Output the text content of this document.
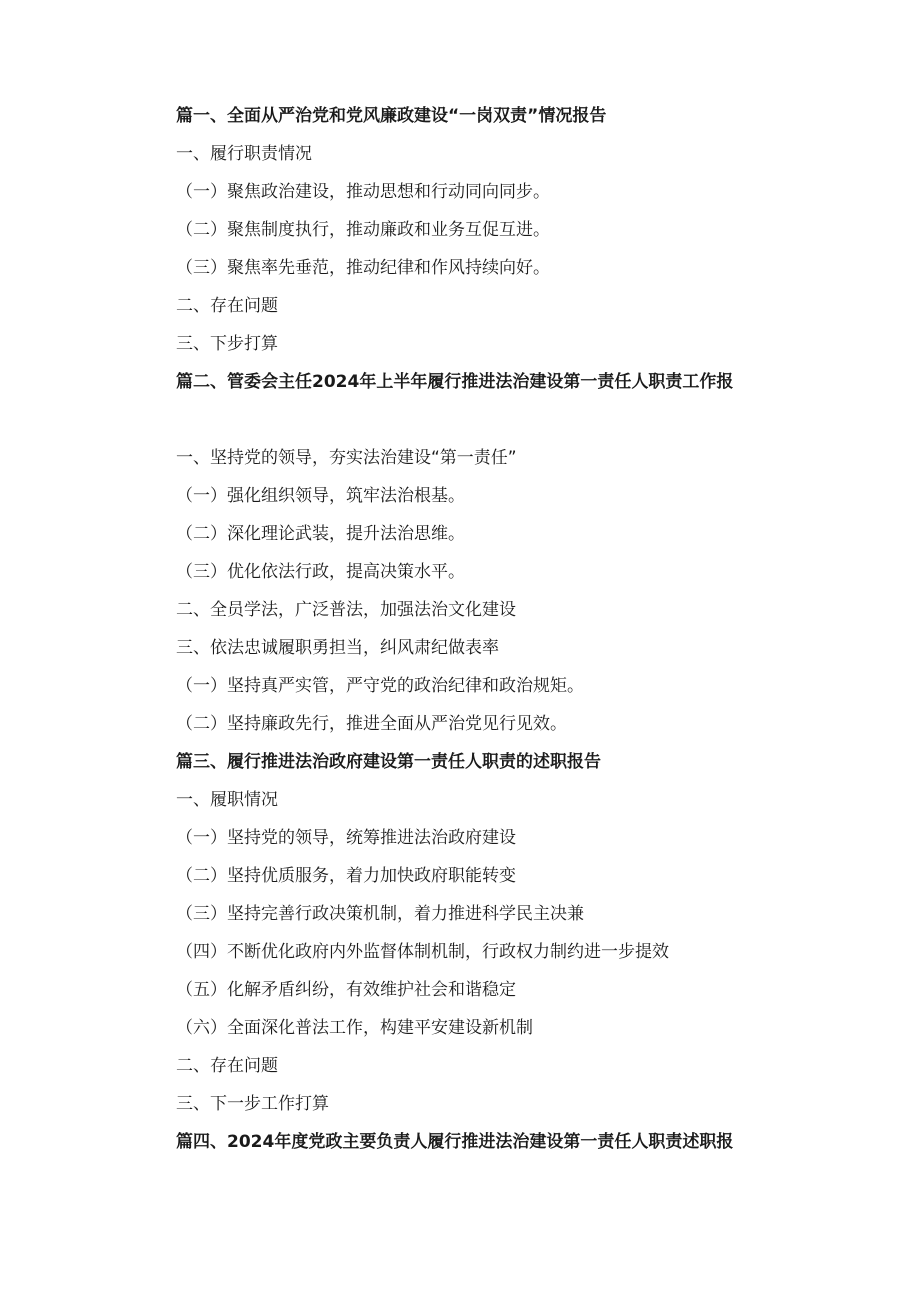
篇一、全面从严治党和党风廉政建设“一岗双责”情况报告
一、履行职责情况
（一）聚焦政治建设，推动思想和行动同向同步。
（二）聚焦制度执行，推动廉政和业务互促互进。
（三）聚焦率先垂范，推动纪律和作风持续向好。
二、存在问题
三、下步打算
篇二、管委会主任2024年上半年履行推进法治建设第一责任人职责工作报
一、坚持党的领导，夯实法治建设“第一责任”
（一）强化组织领导，筑牢法治根基。
（二）深化理论武装，提升法治思维。
（三）优化依法行政，提高决策水平。
二、全员学法，广泛普法，加强法治文化建设
三、依法忠诚履职勇担当，纠风肃纪做表率
（一）坚持真严实管，严守党的政治纪律和政治规矩。
（二）坚持廉政先行，推进全面从严治党见行见效。
篇三、履行推进法治政府建设第一责任人职责的述职报告
一、履职情况
（一）坚持党的领导，统筹推进法治政府建设
（二）坚持优质服务，着力加快政府职能转变
（三）坚持完善行政决策机制，着力推进科学民主决兼
（四）不断优化政府内外监督体制机制，行政权力制约进一步提效
（五）化解矛盾纠纷，有效维护社会和谐稳定
（六）全面深化普法工作，构建平安建设新机制
二、存在问题
三、下一步工作打算
篇四、2024年度党政主要负责人履行推进法治建设第一责任人职责述职报
